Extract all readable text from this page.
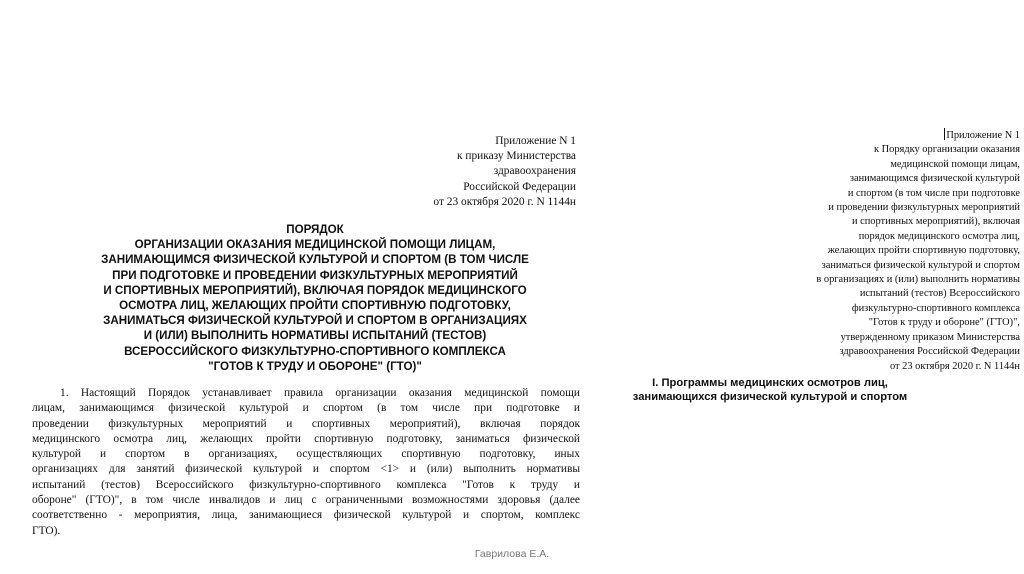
Приложение N 1
к приказу Министерства
здравоохранения
Российской Федерации
от 23 октября 2020 г. N 1144н
ПОРЯДОК
ОРГАНИЗАЦИИ ОКАЗАНИЯ МЕДИЦИНСКОЙ ПОМОЩИ ЛИЦАМ,
ЗАНИМАЮЩИМСЯ ФИЗИЧЕСКОЙ КУЛЬТУРОЙ И СПОРТОМ (В ТОМ ЧИСЛЕ
ПРИ ПОДГОТОВКЕ И ПРОВЕДЕНИИ ФИЗКУЛЬТУРНЫХ МЕРОПРИЯТИЙ
И СПОРТИВНЫХ МЕРОПРИЯТИЙ), ВКЛЮЧАЯ ПОРЯДОК МЕДИЦИНСКОГО
ОСМОТРА ЛИЦ, ЖЕЛАЮЩИХ ПРОЙТИ СПОРТИВНУЮ ПОДГОТОВКУ,
ЗАНИМАТЬСЯ ФИЗИЧЕСКОЙ КУЛЬТУРОЙ И СПОРТОМ В ОРГАНИЗАЦИЯХ
И (ИЛИ) ВЫПОЛНИТЬ НОРМАТИВЫ ИСПЫТАНИЙ (ТЕСТОВ)
ВСЕРОССИЙСКОГО ФИЗКУЛЬТУРНО-СПОРТИВНОГО КОМПЛЕКСА
"ГОТОВ К ТРУДУ И ОБОРОНЕ" (ГТО)"
1. Настоящий Порядок устанавливает правила организации оказания медицинской помощи
лицам, занимающимся физической культурой и спортом (в том числе при подготовке и
проведении физкультурных мероприятий и спортивных мероприятий), включая порядок
медицинского осмотра лиц, желающих пройти спортивную подготовку, заниматься физической
культурой и спортом в организациях, осуществляющих спортивную подготовку, иных
организациях для занятий физической культурой и спортом <1> и (или) выполнить нормативы
испытаний (тестов) Всероссийского физкультурно-спортивного комплекса "Готов к труду и
обороне" (ГТО)", в том числе инвалидов и лиц с ограниченными возможностями здоровья (далее
соответственно - мероприятия, лица, занимающиеся физической культурой и спортом, комплекс
ГТО).
Приложение N 1
к Порядку организации оказания
медицинской помощи лицам,
занимающимся физической культурой
и спортом (в том числе при подготовке
и проведении физкультурных мероприятий
и спортивных мероприятий), включая
порядок медицинского осмотра лиц,
желающих пройти спортивную подготовку,
заниматься физической культурой и спортом
в организациях и (или) выполнить нормативы
испытаний (тестов) Всероссийского
физкультурно-спортивного комплекса
"Готов к труду и обороне" (ГТО)",
утвержденному приказом Министерства
здравоохранения Российской Федерации
от 23 октября 2020 г. N 1144н
I. Программы медицинских осмотров лиц,
занимающихся физической культурой и спортом
Гаврилова Е.А.
